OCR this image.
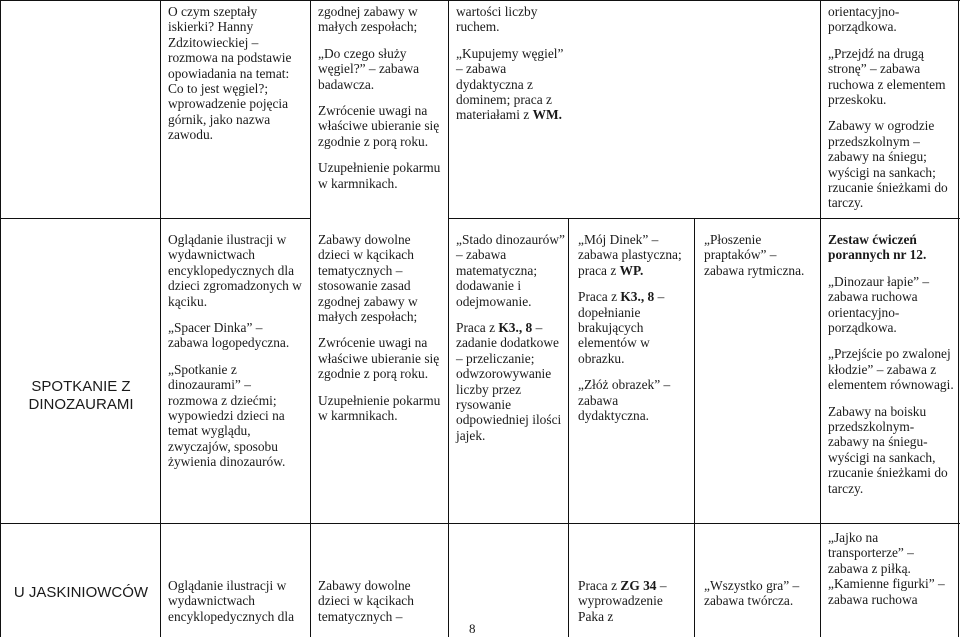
SPOTKANIE Z DINOZAURAMI
U JASKINIOWCÓW

O czym szeptały iskierki? Hanny Zdzitowieckiej – rozmowa na podstawie opowiadania na temat: Co to jest węgiel?; wprowadzenie pojęcia górnik, jako nazwa zawodu.

Oglądanie ilustracji w wydawnictwach encyklopedycznych dla dzieci zgromadzonych w kąciku.

„Spacer Dinka” – zabawa logopedyczna.

„Spotkanie z dinozaurami” – rozmowa z dziećmi; wypowiedzi dzieci na temat wyglądu, zwyczajów, sposobu żywienia dinozaurów.

Oglądanie ilustracji w wydawnictwach encyklopedycznych dla

zgodnej zabawy w małych zespołach;

„Do czego służy węgiel?” – zabawa badawcza.

Zwrócenie uwagi na właściwe ubieranie się zgodnie z porą roku.

Uzupełnienie pokarmu w karmnikach.

Zabawy dowolne dzieci w kącikach tematycznych – stosowanie zasad zgodnej zabawy w małych zespołach;

Zwrócenie uwagi na właściwe ubieranie się zgodnie z porą roku.

Uzupełnienie pokarmu w karmnikach.

Zabawy dowolne dzieci w kącikach tematycznych –

wartości liczby ruchem.

„Kupujemy węgiel” – zabawa dydaktyczna z dominem; praca z materiałami z WM.

„Stado dinozaurów” – zabawa matematyczna; dodawanie i odejmowanie.

Praca z K3., 8 – zadanie dodatkowe – przeliczanie; odwzorowywanie liczby przez rysowanie odpowiedniej ilości jajek.

„Mój Dinek” – zabawa plastyczna; praca z WP.

Praca z K3., 8 – dopełnianie brakujących elementów w obrazku.

„Złóż obrazek” – zabawa dydaktyczna.

Praca z ZG 34 – wyprowadzenie Paka z

„Płoszenie praptaków” – zabawa rytmiczna.

„Wszystko gra” – zabawa twórcza.

orientacyjno-porządkowa.

„Przejdź na drugą stronę” – zabawa ruchowa z elementem przeskoku.

Zabawy w ogrodzie przedszkolnym – zabawy na śniegu; wyścigi na sankach; rzucanie śnieżkami do tarczy.

Zestaw ćwiczeń porannych nr 12.

„Dinozaur łapie” – zabawa ruchowa orientacyjno-porządkowa.

„Przejście po zwalonej kłodzie” – zabawa z elementem równowagi.

Zabawy na boisku przedszkolnym-zabawy na śniegu-wyścigi na sankach, rzucanie śnieżkami do tarczy.

„Jajko na transporterze” – zabawa z piłką.

„Kamienne figurki” – zabawa ruchowa

8
